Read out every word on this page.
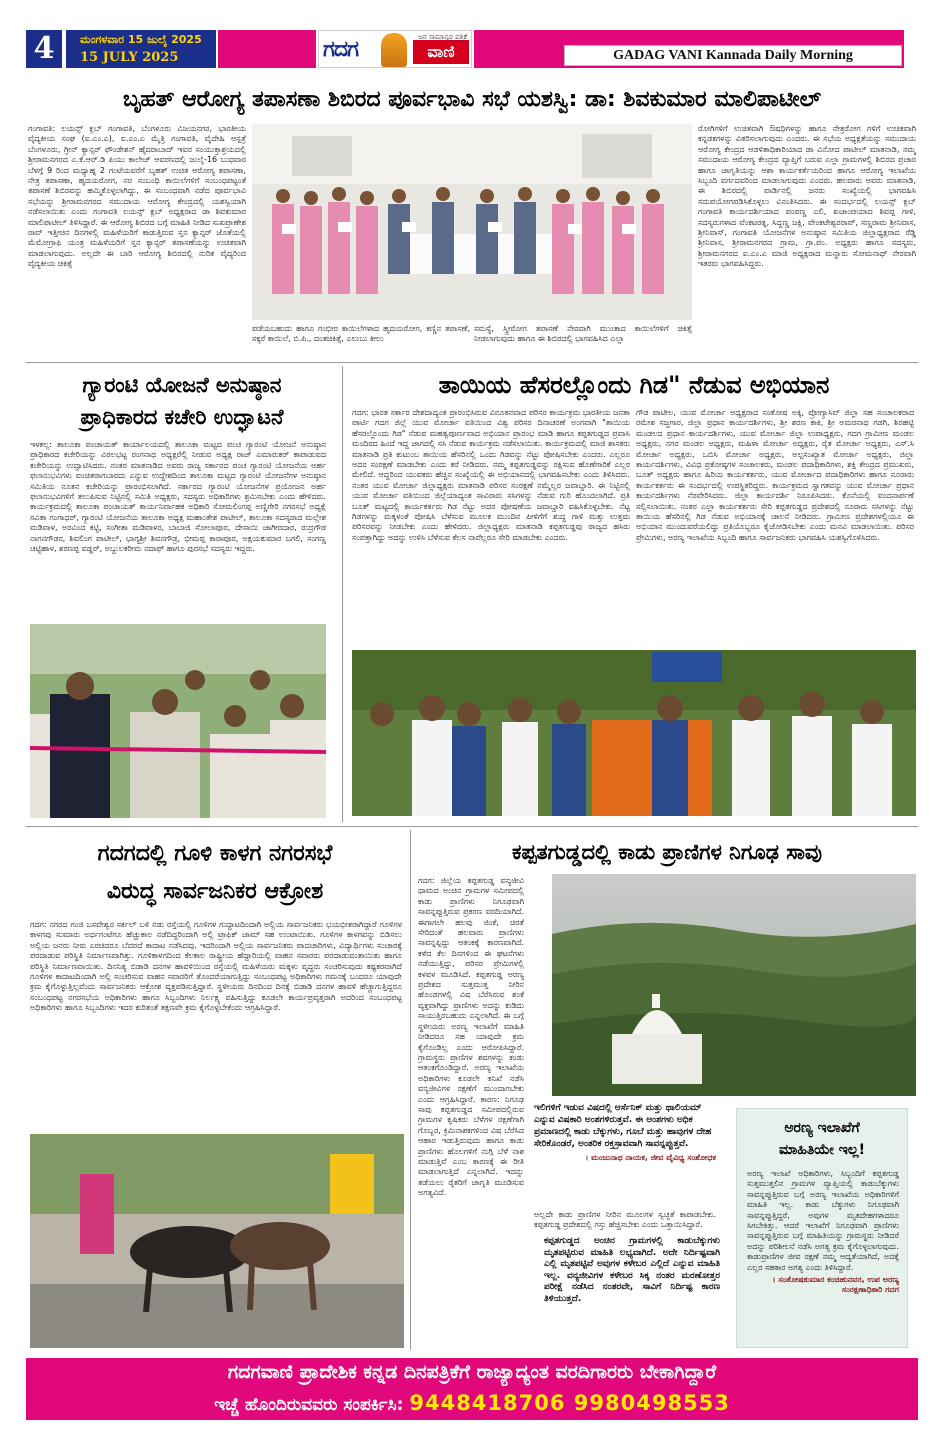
4	ಮಂಗಳವಾರ 15 ಜುಲೈ 2025
15 JULY 2025	ಗದಗ	ವಾಣಿ
ಜನ ಸಾಮಾನ್ಯರ ಪತ್ರಿಕೆ
GADAG VANI Kannada Daily Morning
ಬೃಹತ್ ಆರೋಗ್ಯ ತಪಾಸಣಾ ಶಿಬಿರದ ಪೂರ್ವಭಾವಿ ಸಭೆ ಯಶಸ್ವಿ: ಡಾ: ಶಿವಕುಮಾರ ಮಾಲಿಪಾಟೀಲ್
ಗಂಗಾವತಿ: ಲಯನ್ಸ್ ಕ್ಲಬ್ ಗಂಗಾವತಿ, ಬೆಂಗಳೂರು ವಿಜಯನಗರ, ಭಾರತೀಯ ವೈದ್ಯಕೀಯ ಸಂಘ (ಐ.ಎಂ.ಎ), ಐ.ಎಂ.ಎ ಮೈತ್ರಿ ಗಂಗಾವತಿ, ವೈದೇಹಿ ಆಸ್ಪತ್ರೆ ಬೆಂಗಳೂರು, ಗ್ರೀನ್ ಕ್ಯಾನ್ಸರ್ ಫೌಂಡೇಶನ್ ಹೈದರಾಬಾದ್ ಇವರ ಸಂಯುಕ್ತಾಶ್ರಯದಲ್ಲಿ ಶ್ರೀರಾಮನಗರದ ಎ.ಕೆ.ಆರ್.ಡಿ ಪಿಯು ಕಾಲೇಜ್ ಆವರಣದಲ್ಲಿ ಜುಲೈ-16 ಬುಧವಾರ ಬೆಳಗ್ಗೆ 9 ರಿಂದ ಮಧ್ಯಾಹ್ನ 2 ಗಂಟೆಯವರೆಗೆ ಬೃಹತ್ ಉಚಿತ ಆರೋಗ್ಯ ತಪಾಸಣಾ, ನೇತ್ರ ತಪಾಸಣಾ, ಹೃದಯರೋಗ, ನರ ಸಂಬಂಧಿ ಕಾಯಿಲೆಗಳಿಗೆ ಸಂಬಂಧಪಟ್ಟಂತೆ ತಪಾಸಣೆ ಶಿಬಿರವನ್ನು ಹಮ್ಮಿಕೊಳ್ಳಲಾಗಿದ್ದು, ಈ ಸಂಬಂಧವಾಗಿ ನಡೆದ ಪೂರ್ವಭಾವಿ ಸಭೆಯನ್ನು ಶ್ರೀರಾಮನಗರದ ಸಮುದಾಯ ಆರೋಗ್ಯ ಕೇಂದ್ರದಲ್ಲಿ ಯಶಸ್ವಿಯಾಗಿ ನಡೆಸಲಾಯಿತು ಎಂದು ಗಂಗಾವತಿ ಲಯನ್ಸ್ ಕ್ಲಬ್ ಅಧ್ಯಕ್ಷರಾದ ಡಾ ಶಿವಕುಮಾರ ಮಾಲಿಪಾಟೀಲ್ ತಿಳಿಸಿದ್ದಾರೆ. ಈ ಆರೋಗ್ಯ ಶಿಬಿರದ ಬಗ್ಗೆ ಮಾಹಿತಿ ನೀಡಿದ ಸುಖಪ್ರಾಣೇಶ ರಾವ್ ಇತ್ತೀಚಿನ ದಿನಗಳಲ್ಲಿ ಮಹಿಳೆಯರಿಗೆ ಕಾಡುತ್ತಿರುವ ಸ್ತನ ಕ್ಯಾನ್ಸರ್ ಜೊತೆಯಲ್ಲಿ ಮೆಮೋಗ್ರಾಫಿ ಯಂತ್ರ ಮಹಿಳೆಯರಿಗೆ ಸ್ತನ ಕ್ಯಾನ್ಸರ್ ತಪಾಸಣೆಯನ್ನು ಉಚಿತವಾಗಿ ಮಾಡಲಾಗುವುದು. ಅಲ್ಲದೇ ಈ ಬಾರಿ ಆರೋಗ್ಯ ಶಿಬಿರದಲ್ಲಿ ನುರಿತ ವೈದ್ಯರಿಂದ ವೈದ್ಯಕೀಯ ಚಿಕಿತ್ಸೆ
ಪಡೆಯಬಹುದು ಹಾಗೂ ಗಂಭೀರ ಕಾಯಿಲೆಗಳಾದ ಹೃದಯರೋಗ, ಕಣ್ಣಿನ ತಪಾಸಣೆ, ಸಕ್ಕರೆ ಕಾಯಿಲೆ, ಬಿ.ಪಿ., ದಂತಚಿಕಿತ್ಸೆ, ಎಲುಬು ಕೀಲು
ಸಮಸ್ಯೆ, ಸ್ತ್ರೀರೋಗ ತಪಾಸಣೆ ನೇರವಾಗಿ ಮುಂತಾದ ಕಾಯಿಲೆಗಳಿಗೆ ಚಿಕಿತ್ಸೆ ನೀಡಲಾಗುವುದು ಹಾಗೂ ಈ ಶಿಬಿರದಲ್ಲಿ ಭಾಗವಹಿಸಿದ ಎಲ್ಲಾ
ರೋಗಿಗಳಿಗೆ ಉಚಿತವಾಗಿ ಔಷಧಿಗಳನ್ನು ಹಾಗೂ ನೇತ್ರರೋಗ ಗಳಿಗೆ ಉಚಿತವಾಗಿ ಕನ್ನಡಕಗಳನ್ನು ವಿತರಿಸಲಾಗುವುದು ಎಂದರು. ಈ ಸಭೆಯ ಅಧ್ಯಕ್ಷತೆಯನ್ನು ಸಮುದಾಯ ಆರೋಗ್ಯ ಕೇಂದ್ರದ ಆಡಳಿತಾಧಿಕಾರಿಯಾದ ಡಾ ವಿನೋದ ಪಾಟೀಲ್ ಮಾತನಾಡಿ, ನಮ್ಮ ಸಮುದಾಯ ಆರೋಗ್ಯ ಕೇಂದ್ರದ ವ್ಯಾಪ್ತಿಗೆ ಬರುವ ಎಲ್ಲಾ ಗ್ರಾಮಗಳಲ್ಲಿ ಶಿಬಿರದ ಪ್ರಚಾರ ಹಾಗೂ ಜಾಗೃತಿಯನ್ನು ಆಶಾ ಕಾರ್ಯಕರ್ತೆಯರಿಂದ ಹಾಗೂ ಆರೋಗ್ಯ ಇಲಾಖೆಯ ಸಿಬ್ಬಂದಿ ವರ್ಗದವರಿಂದ ಮಾಡಲಾಗುವುದು ಎಂದರು. ಹಲವಾರು ಅವರು ಮಾತನಾಡಿ, ಈ ಶಿಬಿರದಲ್ಲಿ ವಾರ್ಡಿನಲ್ಲಿ ಜನರು ಸಂಖ್ಯೆಯಲ್ಲಿ ಭಾಗವಹಿಸಿ ಸದುಪಯೋಗಪಡಿಸಿಕೊಳ್ಳಲು ವಿನಂತಿಸಿದರು. ಈ ಸಂದರ್ಭದಲ್ಲಿ ಲಯನ್ಸ್ ಕ್ಲಬ್ ಗಂಗಾವತಿ ಕಾರ್ಯದರ್ಶಿಯಾದ ಪಂಪಣ್ಣ ಎಲಿ, ಖಜಾಂಚಿಯಾದ ಶಿವಪ್ಪ ಗಾಳಿ, ಸದಸ್ಯರುಗಳಾದ ವೆಂಕಟರತ್ನ, ಸಿದ್ದಣ್ಣ ಜಕ್ಲಿ, ವೇಂಕಟೇಶ್ವರರಾವ್, ಸಣ್ಣರಾಮ ಶ್ರೀನಿವಾಸ, ಶ್ರೀನಿವಾಸ್, ಗಂಗಾವತಿ ಯೋಜನೆಗಳ ಅನುಷ್ಠಾನ ಸಮಿತಿಯ ಜಿಲ್ಲಾಧ್ಯಕ್ಷರಾದ ರೆಡ್ಡಿ ಶ್ರೀನಿವಾಸ, ಶ್ರೀರಾಮನಗರದ ಗ್ರಾಮ, ಗ್ರಾ.ಪಂ. ಅಧ್ಯಕ್ಷರು ಹಾಗೂ ಸದಸ್ಯರು, ಶ್ರೀರಾಮನಗರದ ಐ.ಎಂ.ಎ ಮಾಜಿ ಅಧ್ಯಕ್ಷರಾದ ಮನ್ನಾರು ಸೋಮನಾಥ್ ನೇರವಾಗಿ ಇತರರು ಭಾಗವಹಿಸಿದ್ದರು.
ಗ್ಯಾರಂಟಿ ಯೋಜನೆ ಅನುಷ್ಠಾನ
ಪ್ರಾಧಿಕಾರದ ಕಚೇರಿ ಉದ್ಘಾಟನೆ
ಇಳಕಲ್ಲ: ತಾಲೂಕಾ ಪಂಚಾಯತ್ ಕಾರ್ಯಾಲಯದಲ್ಲಿ ತಾಲೂಕಾ ಮಟ್ಟದ ಪಂಚ ಗ್ಯಾರಂಟಿ ಯೋಜನೆ ಅನುಷ್ಠಾನ ಪ್ರಾಧಿಕಾರದ ಕಚೇರಿಯನ್ನು ವಿಠಲಭಟ್ಟ ರಂಗನಾಥ ಅಧ್ಯಕ್ಷರೆಲ್ಲಿ ನೀಡುವ ಅಧ್ಯಕ್ಷ ರಾಜ್ ಎಮಾರುಕರ್ ಕಾಪಾಡುವದ ಕಚೇರಿಯನ್ನು ಉದ್ಘಾಟಿಸಿದರು. ನಂತರ ಮಾತನಾಡಿದ ಅವರು ರಾಜ್ಯ ಸರ್ಕಾರದ ಪಂಚ ಗ್ಯಾರಂಟಿ ಯೋಜನೆಯ ಅರ್ಹ ಫಲಾನುಭವಿಗಳು ವಂಚಿತರಾಗಬಾರದು ಎನ್ನುವ ಉದ್ದೇಶದಿಂದ ತಾಲೂಕಾ ಮಟ್ಟದ ಗ್ಯಾರಂಟಿ ಯೋಜನೆಗಳ ಅನುಷ್ಠಾನ ಸಮಿತಿಯ ನೂತನ ಕಚೇರಿಯನ್ನು ಪ್ರಾರಂಭಿಸಲಾಗಿದೆ. ಸರ್ಕಾರದ ಗ್ಯಾರಂಟಿ ಯೋಜನೆಗಳ ಪ್ರಯೋಜನ ಅರ್ಹ ಫಲಾನುಭವಿಗಳಿಗೆ ತಲುಪಿಸುವ ನಿಟ್ಟಿನಲ್ಲಿ ಸಮಿತಿ ಅಧ್ಯಕ್ಷರು, ಸದಸ್ಯರು ಅಧಿಕಾರಿಗಳು ಶ್ರಮಿಸಬೇಕು ಎಂದು ಹೇಳಿದರು. ಕಾರ್ಯಕ್ರಮದಲ್ಲಿ ತಾಲೂಕಾ ಪಂಚಾಯತ್ ಕಾರ್ಯನಿರ್ವಾಹಕ ಅಧಿಕಾರಿ ಸೋಮಲಿಂಗಪ್ಪ ಅಣ್ಣಿಗೇರಿ ನಗರಸಭೆ ಅಧ್ಯಕ್ಷೆ ಸವಿತಾ ಗಂಗಾಧರ್, ಗ್ಯಾರಂಟಿ ಯೋಜನೆಯ ತಾಲೂಕಾ ಅಧ್ಯಕ್ಷ ಮಹಾಂತೇಶ ಪಾಟೀಲ್, ತಾಲೂಕಾ ಸದಸ್ಯರಾದ ಮಲ್ಲೇಶ ಮಡಿವಾಳ, ಅರವಿಂದ ಕಟ್ಟಿ, ಸಂಗೀತಾ ಮಡಿವಾಳರ, ಬಾಬಾಜಿ ಸೋಲಾಪೂರ, ದೇಸಾಯಿ ಜಾಗೀರದಾರ, ರುದ್ರಗೌಡ ನಾಗನಗೌಡರ, ಶಿವಲಿಂಗ ಪಾಟೀಲ್, ಭಾಗ್ಯಶ್ರೀ ಶಿವನಗೌಡ್ರ, ಭೀಮಪ್ಪ ಕಾರಾಪೂರ, ಅಕ್ಷಯಕುಮಾರ ಬಗಲಿ, ಸಂಗಣ್ಣ ಚಟ್ಟಿಹಾಳ, ಶರಣಪ್ಪ ವಡ್ಡರ್, ಅಬ್ದುಲಕರೀಮ ನದಾಫ್ ಹಾಗೂ ಪುರಸಭೆ ಸದಸ್ಯರು ಇದ್ದರು.
ತಾಯಿಯ ಹೆಸರಲ್ಲೊಂದು ಗಿಡ" ನೆಡುವ ಅಭಿಯಾನ
ಗದಗ: ಭಾರತ ಸರ್ಕಾರ ದೇಶದಾದ್ಯಂತ ಪ್ರಾರಂಭಿಸಿರುವ ವಿನೂತನವಾದ ಪರಿಸರ ಕಾರ್ಯಕ್ರಮ ಭಾರತೀಯ ಜನತಾ ಪಾರ್ಟಿ ಗದಗ ಜಿಲ್ಲೆ ಯುವ ಮೋರ್ಚಾ ವತಿಯಿಂದ ವಿಶ್ವ ಪರಿಸರ ದಿನಾಚರಣೆ ಅಂಗವಾಗಿ "ತಾಯಿಯ ಹೆಸರಲ್ಲೊಂದು ಗಿಡ" ನೆಡುವ ಮಹತ್ವಪೂರ್ಣವಾದ ಅಭಿಯಾನ ಪ್ರಾರಂಭ ಮಾಡಿ ಹಾಗೂ ಕಪ್ಪತಗುಡ್ಡದ ಪ್ರವಾಸಿ ಮಂದಿರದ ಹಿಂದೆ ಇದ್ದ ಜಾಗದಲ್ಲಿ ಸಸಿ ನೆಡುವ ಕಾರ್ಯಕ್ರಮ ನಡೆಸಲಾಯಿತು. ಕಾರ್ಯಕ್ರಮದಲ್ಲಿ ಮಾಜಿ ಶಾಸಕರು ಮಾತನಾಡಿ ಪ್ರತಿ ಕುಟುಂಬ ತಾಯಿಯ ಹೆಸರಿನಲ್ಲಿ ಒಂದು ಗಿಡವನ್ನು ನೆಟ್ಟು ಪೋಷಿಸಬೇಕು ಎಂದರು. ಎಲ್ಲರೂ ಅದರ ಸಂರಕ್ಷಣೆ ಮಾಡಬೇಕು ಎಂದು ಕರೆ ನೀಡಿದರು. ನಮ್ಮ ಕಪ್ಪತಗುಡ್ಡವನ್ನು ರಕ್ಷಿಸುವ ಹೊಣೆಗಾರಿಕೆ ಎಲ್ಲರ ಮೇಲಿದೆ. ಆದ್ದರಿಂದ ಯುವಕರು ಹೆಚ್ಚಿನ ಸಂಖ್ಯೆಯಲ್ಲಿ ಈ ಅಭಿಯಾನದಲ್ಲಿ ಭಾಗವಹಿಸಬೇಕು ಎಂದು ತಿಳಿಸಿದರು. ನಂತರ ಯುವ ಮೋರ್ಚಾ ಜಿಲ್ಲಾಧ್ಯಕ್ಷರು ಮಾತನಾಡಿ ಪರಿಸರ ಸಂರಕ್ಷಣೆ ನಮ್ಮೆಲ್ಲರ ಜವಾಬ್ದಾರಿ. ಈ ನಿಟ್ಟಿನಲ್ಲಿ ಯುವ ಮೋರ್ಚಾ ವತಿಯಿಂದ ಜಿಲ್ಲೆಯಾದ್ಯಂತ ಸಾವಿರಾರು ಸಸಿಗಳನ್ನು ನೆಡುವ ಗುರಿ ಹೊಂದಲಾಗಿದೆ. ಪ್ರತಿ ಬೂತ್ ಮಟ್ಟದಲ್ಲಿ ಕಾರ್ಯಕರ್ತರು ಗಿಡ ನೆಟ್ಟು ಅದರ ಪೋಷಣೆಯ ಜವಾಬ್ದಾರಿ ವಹಿಸಿಕೊಳ್ಳಬೇಕು. ನೆಟ್ಟ ಗಿಡಗಳನ್ನು ಮಕ್ಕಳಂತೆ ಪೋಷಿಸಿ ಬೆಳೆಸುವ ಮೂಲಕ ಮುಂದಿನ ಪೀಳಿಗೆಗೆ ಶುದ್ಧ ಗಾಳಿ ಮತ್ತು ಉತ್ತಮ ಪರಿಸರವನ್ನು ನೀಡಬೇಕು ಎಂದು ಹೇಳಿದರು. ಜಿಲ್ಲಾಧ್ಯಕ್ಷರು ಮಾತನಾಡಿ ಕಪ್ಪತಗುಡ್ಡವು ರಾಜ್ಯದ ಹಸಿರು ಸಂಪತ್ತಾಗಿದ್ದು ಅದನ್ನು ಉಳಿಸಿ ಬೆಳೆಸುವ ಕೆಲಸ ನಾವೆಲ್ಲರೂ ಸೇರಿ ಮಾಡಬೇಕು ಎಂದರು.
ಗೌಡ ಪಾಟೀಲ, ಯುವ ಮೋರ್ಚಾ ಅಧ್ಯಕ್ಷರಾದ ಸಂತೋಷ ಅಕ್ಕಿ, ಪ್ರೋಗ್ಯಾಸಿವ್ ಜಿಲ್ಲಾ ಸಹ ಸಂಚಾಲಕರಾದ ರಮೇಶ ಸಜ್ಜಗಾರ, ಜಿಲ್ಲಾ ಪ್ರಧಾನ ಕಾರ್ಯದರ್ಶಿಗಳು, ಶ್ರೀ ಶರಣ ಕಾಕಿ, ಶ್ರೀ ಅಮರನಾಥ ಗಡಗಿ, ಶಿರಹಟ್ಟಿ ಮಂಡಲದ ಪ್ರಧಾನ ಕಾರ್ಯದರ್ಶಿಗಳು, ಯುವ ಮೋರ್ಚಾ ಜಿಲ್ಲಾ ಉಪಾಧ್ಯಕ್ಷರು, ಗದಗ ಗ್ರಾಮೀಣ ಮಂಡಲ ಅಧ್ಯಕ್ಷರು, ನಗರ ಮಂಡಲ ಅಧ್ಯಕ್ಷರು, ಮಹಿಳಾ ಮೋರ್ಚಾ ಅಧ್ಯಕ್ಷರು, ರೈತ ಮೋರ್ಚಾ ಅಧ್ಯಕ್ಷರು, ಎಸ್.ಸಿ ಮೋರ್ಚಾ ಅಧ್ಯಕ್ಷರು, ಒಬಿಸಿ ಮೋರ್ಚಾ ಅಧ್ಯಕ್ಷರು, ಅಲ್ಪಸಂಖ್ಯಾತ ಮೋರ್ಚಾ ಅಧ್ಯಕ್ಷರು, ಜಿಲ್ಲಾ ಕಾರ್ಯದರ್ಶಿಗಳು, ವಿವಿಧ ಪ್ರಕೋಷ್ಠಗಳ ಸಂಚಾಲಕರು, ಮಂಡಲ ಪದಾಧಿಕಾರಿಗಳು, ಶಕ್ತಿ ಕೇಂದ್ರದ ಪ್ರಮುಖರು, ಬೂತ್ ಅಧ್ಯಕ್ಷರು ಹಾಗೂ ಹಿರಿಯ ಕಾರ್ಯಕರ್ತರು, ಯುವ ಮೋರ್ಚಾದ ಪದಾಧಿಕಾರಿಗಳು ಹಾಗೂ ನೂರಾರು ಕಾರ್ಯಕರ್ತರು ಈ ಸಂದರ್ಭದಲ್ಲಿ ಉಪಸ್ಥಿತರಿದ್ದರು. ಕಾರ್ಯಕ್ರಮದ ಸ್ವಾಗತವನ್ನು ಯುವ ಮೋರ್ಚಾ ಪ್ರಧಾನ ಕಾರ್ಯದರ್ಶಿಗಳು ನೆರವೇರಿಸಿದರು. ಜಿಲ್ಲಾ ಕಾರ್ಯದರ್ಶಿ ನಿರೂಪಿಸಿದರು. ಕೊನೆಯಲ್ಲಿ ವಂದನಾರ್ಪಣೆ ಸಲ್ಲಿಸಲಾಯಿತು. ನಂತರ ಎಲ್ಲಾ ಕಾರ್ಯಕರ್ತರು ಸೇರಿ ಕಪ್ಪತಗುಡ್ಡದ ಪ್ರದೇಶದಲ್ಲಿ ನೂರಾರು ಸಸಿಗಳನ್ನು ನೆಟ್ಟು ತಾಯಿಯ ಹೆಸರಿನಲ್ಲಿ ಗಿಡ ನೆಡುವ ಅಭಿಯಾನಕ್ಕೆ ಚಾಲನೆ ನೀಡಿದರು. ಗ್ರಾಮೀಣ ಪ್ರದೇಶಗಳಲ್ಲಿಯೂ ಈ ಅಭಿಯಾನ ಮುಂದುವರೆಯಲಿದ್ದು ಪ್ರತಿಯೊಬ್ಬರೂ ಕೈಜೋಡಿಸಬೇಕು ಎಂದು ಮನವಿ ಮಾಡಲಾಯಿತು. ಪರಿಸರ ಪ್ರೇಮಿಗಳು, ಅರಣ್ಯ ಇಲಾಖೆಯ ಸಿಬ್ಬಂದಿ ಹಾಗೂ ಸಾರ್ವಜನಿಕರು ಭಾಗವಹಿಸಿ ಯಶಸ್ವಿಗೊಳಿಸಿದರು.
ಗದಗದಲ್ಲಿ ಗೂಳಿ ಕಾಳಗ ನಗರಸಭೆ
ವಿರುದ್ಧ ಸಾರ್ವಜನಿಕರ ಆಕ್ರೋಶ
ಗದಗ: ನಗರದ ಗಂಜಿ ಬಸವೇಶ್ವರ ಸರ್ಕಲ್ ಬಳಿ ನಡು ರಸ್ತೆಯಲ್ಲಿ ಗೂಳಿಗಳ ಗುದ್ದಾಟದಿಂದಾಗಿ ಅಲ್ಲಿಯ ಸಾರ್ವಜನಿಕರು ಭಯಭೀತರಾಗಿದ್ದಾರೆ ಗೂಳಿಗಳ ಕಾಳಗವು ಸುಮಾರು ಅರ್ಧಗಂಟೆಗೂ ಹೆಚ್ಚುಕಾಲ ನಡೆದಿದ್ದರಿಂದಾಗಿ ಅಲ್ಲಿ ಟ್ರಾಫಿಕ್ ಜಾಮ್ ಸಹ ಉಂಟಾಯಿತು. ಗೂಳಿಗಳ ಕಾಳಗವನ್ನು ಬಿಡಿಸಲು ಅಲ್ಲಿಯ ಜನರು ನೀರು ಎರಚಿದರೂ ಬೆದರದೆ ಕಾದಾಟ ನಡೆಸಿದವು. ಇದರಿಂದಾಗಿ ಅಲ್ಲಿಯ ಸಾರ್ವಜನಿಕರು ಪಾದಚಾರಿಗಳು, ವಿದ್ಯಾರ್ಥಿಗಳು ಸಂಚಾರಕ್ಕೆ ಪರದಾಡುವ ಪರಿಸ್ಥಿತಿ ನಿರ್ಮಾಣವಾಗಿತ್ತು. ಗೂಳಿಕಾಳಗದಿಂದ ಕೆಲಕಾಲ ರಾಷ್ಟ್ರೀಯ ಹೆದ್ದಾರಿಯಲ್ಲಿ ವಾಹನ ಸವಾರರು ಪರದಾಡುವಂತಾಯಿತು ಹಾಗೂ ಪರಿಸ್ಥಿತಿ ನಿರ್ಮಾಣವಾಯಿತು. ದಿನನಿತ್ಯ ಬಿಡಾಡಿ ದನಗಳ ಹಾವಳಿಯಿಂದ ರಸ್ತೆಯಲ್ಲಿ ಮಹಿಳೆಯರು ಮಕ್ಕಳು ವೃದ್ಧರು ಸಂಚರಿಸುವುದು ಕಷ್ಟಕರವಾಗಿದೆ ಗೂಳಿಗಳ ಕಾದಾಟದಿಂದಾಗಿ ಅಲ್ಲಿ ಸಂಚರಿಸುವ ವಾಹನ ಸವಾರರಿಗೆ ತೊಂದರೆಯಾಗುತ್ತಿದ್ದು ಸಂಬಂಧಪಟ್ಟ ಅಧಿಕಾರಿಗಳು ಗಮನಕ್ಕೆ ಬಂದರೂ ಯಾವುದೇ ಕ್ರಮ ಕೈಗೊಳ್ಳುತ್ತಿಲ್ಲವೆಂದು ಸಾರ್ವಜನಿಕರು ಆಕ್ರೋಶ ವ್ಯಕ್ತಪಡಿಸುತ್ತಿದ್ದಾರೆ. ಸ್ಥಳೀಯರು ದಿನದಿಂದ ದಿನಕ್ಕೆ ಬಿಡಾಡಿ ದನಗಳ ಹಾವಳಿ ಹೆಚ್ಚಾಗುತ್ತಿದ್ದರೂ ಸಂಬಂಧಪಟ್ಟ ನಗರಸಭೆಯ ಅಧಿಕಾರಿಗಳು ಹಾಗೂ ಸಿಬ್ಬಂದಿಗಳು ನಿರ್ಲಕ್ಷ್ಯ ವಹಿಸುತ್ತಿದ್ದು ಕೂಡಲೇ ಕಾರ್ಯಪ್ರವೃತ್ತರಾಗಿ ಅದರಿಂದ ಸಂಬಂಧಪಟ್ಟ ಅಧಿಕಾರಿಗಳು ಹಾಗೂ ಸಿಬ್ಬಂದಿಗಳು ಇದರ ಕುರಿತಂತೆ ತಕ್ಷಣವೇ ಕ್ರಮ ಕೈಗೊಳ್ಳಬೇಕೆಂದು ಆಗ್ರಹಿಸಿದ್ದಾರೆ.
ಕಪ್ಪತಗುಡ್ಡದಲ್ಲಿ ಕಾಡು ಪ್ರಾಣಿಗಳ ನಿಗೂಢ ಸಾವು
ಗದಗ: ಜಿಲ್ಲೆಯ ಕಪ್ಪತಗುಡ್ಡ ವನ್ಯಜೀವಿ ಧಾಮದ ಅಂಚಿನ ಗ್ರಾಮಗಳ ಸಮೀಪದಲ್ಲಿ ಕಾಡು ಪ್ರಾಣಿಗಳು ನಿಗೂಢವಾಗಿ ಸಾವನ್ನಪ್ಪುತ್ತಿರುವ ಪ್ರಕರಣ ವರದಿಯಾಗಿದೆ. ಈಗಾಗಲೇ ಹಲವು ಜಿಂಕೆ, ಚಿರತೆ ಸೇರಿದಂತೆ ಹಲವಾರು ಪ್ರಾಣಿಗಳು ಸಾವನ್ನಪ್ಪಿದ್ದು ಆತಂಕಕ್ಕೆ ಕಾರಣವಾಗಿದೆ. ಕಳೆದ ಕೆಲ ದಿನಗಳಿಂದ ಈ ಘಟನೆಗಳು ನಡೆಯುತ್ತಿದ್ದು, ಪರಿಸರ ಪ್ರೇಮಿಗಳಲ್ಲಿ ಕಳವಳ ಮೂಡಿಸಿದೆ. ಕಪ್ಪತಗುಡ್ಡ ಅರಣ್ಯ ಪ್ರದೇಶದ ಸುತ್ತಮುತ್ತ ನೀರಿನ ಹೊಂಡಗಳಲ್ಲಿ ವಿಷ ಬೆರೆಸಿರುವ ಶಂಕೆ ವ್ಯಕ್ತವಾಗಿದ್ದು ಪ್ರಾಣಿಗಳು ಅದನ್ನು ಕುಡಿದು ಸಾಯುತ್ತಿರಬಹುದು ಎನ್ನಲಾಗಿದೆ. ಈ ಬಗ್ಗೆ ಸ್ಥಳೀಯರು ಅರಣ್ಯ ಇಲಾಖೆಗೆ ಮಾಹಿತಿ ನೀಡಿದರೂ ಸಹ ಯಾವುದೇ ಕ್ರಮ ಕೈಗೊಂಡಿಲ್ಲ ಎಂದು ಆರೋಪಿಸಿದ್ದಾರೆ. ಗ್ರಾಮಸ್ಥರು ಪ್ರಾಣಿಗಳ ಶವಗಳನ್ನು ಕಂಡು ಆತಂಕಗೊಂಡಿದ್ದಾರೆ. ಅರಣ್ಯ ಇಲಾಖೆಯ ಅಧಿಕಾರಿಗಳು ಕೂಡಲೇ ತನಿಖೆ ನಡೆಸಿ ವನ್ಯಜೀವಿಗಳ ರಕ್ಷಣೆಗೆ ಮುಂದಾಗಬೇಕು ಎಂದು ಆಗ್ರಹಿಸಿದ್ದಾರೆ. ಕಾರಣ: ನಿಗೂಢ ಸಾವು ಕಪ್ಪತಗುಡ್ಡದ ಸಮೀಪದಲ್ಲಿರುವ ಗ್ರಾಮಗಳ ಕೃಷಿಕರು ಬೆಳೆಗಳ ರಕ್ಷಣೆಗಾಗಿ ಗೊಬ್ಬರ, ಕ್ರಿಮಿನಾಶಕಗಳಿಂದ ವಿಷ ಬೆರೆಸಿದ ಆಹಾರ ಇಡುತ್ತಿರುವುದು ಹಾಗೂ ಕಾಡು ಪ್ರಾಣಿಗಳು ಹೊಲಗಳಿಗೆ ನುಗ್ಗಿ ಬೆಳೆ ನಾಶ ಮಾಡುತ್ತಿವೆ ಎಂಬ ಕಾರಣಕ್ಕೆ ಈ ರೀತಿ ಮಾಡಲಾಗುತ್ತಿದೆ ಎನ್ನಲಾಗಿದೆ. ಇದನ್ನು ತಡೆಯಲು ರೈತರಿಗೆ ಜಾಗೃತಿ ಮೂಡಿಸುವ ಅಗತ್ಯವಿದೆ.
ಅಲ್ಲದೇ ಕಾಡು ಪ್ರಾಣಿಗಳ ನೀರಿನ ಮೂಲಗಳ ಸ್ವಚ್ಛತೆ ಕಾಪಾಡಬೇಕು. ಕಪ್ಪತಗುಡ್ಡ ಪ್ರದೇಶದಲ್ಲಿ ಗಸ್ತು ಹೆಚ್ಚಿಸಬೇಕು ಎಂದು ಒತ್ತಾಯಿಸಿದ್ದಾರೆ.
ಇಲಿಗಳಿಗೆ ಇಡುವ ವಿಷದಲ್ಲಿ ಆರ್ಸೆನಿಕ್ ಮತ್ತು ಥಾಲಿಯಮ್ ಎನ್ನುವ ವಿಷಕಾರಿ ಅಂಶಗಳಿರುತ್ತವೆ. ಈ ಅಂಶಗಳು ಅಧಿಕ ಪ್ರಮಾಣದಲ್ಲಿ ಕಾಡು ಬೆಕ್ಕುಗಳು, ಗೂಬೆ ಮತ್ತು ಹಾವುಗಳ ದೇಹ ಸೇರಿಕೊಂಡರೆ, ಅಂತರಿಕ ರಕ್ತಸ್ರಾವವಾಗಿ ಸಾವನ್ನಪ್ಪುತ್ತವೆ.
। ಮಂಜುನಾಥ ನಾಯಕ, ಜೀವ ವೈವಿಧ್ಯ ಸಂಶೋಧಕ
ಕಪ್ಪತಗುಡ್ಡದ ಅಂಚಿನ ಗ್ರಾಮಗಳಲ್ಲಿ ಕಾಡುಬೆಕ್ಕುಗಳು ಮೃತಪಟ್ಟಿರುವ ಮಾಹಿತಿ ಲಭ್ಯವಾಗಿದೆ. ಅದೇ ನಿರ್ದಿಷ್ಟವಾಗಿ ಎಲ್ಲಿ ಮೃತಪಟ್ಟಿವೆ ಅವುಗಳ ಕಳೇಬರ ಎಲ್ಲಿದೆ ಎನ್ನುವ ಮಾಹಿತಿ ಇಲ್ಲ. ವನ್ಯಜೀವಿಗಳ ಕಳೇಬರ ಸಿಕ್ಕ ನಂತರ ಮರಣೋತ್ತರ ಪರೀಕ್ಷೆ ನಡೆಸಿದ ನಂತರವೇ, ಸಾವಿಗೆ ನಿರ್ದಿಷ್ಟ ಕಾರಣ ತಿಳಿಯುತ್ತದೆ.
ಅರಣ್ಯ ಇಲಾಖೆಗೆ
ಮಾಹಿತಿಯೇ ಇಲ್ಲ!
ಅರಣ್ಯ ಇಲಾಖೆ ಅಧಿಕಾರಿಗಳು, ಸಿಬ್ಬಂದಿಗೆ ಕಪ್ಪತಗುಡ್ಡ ಸುತ್ತಮುತ್ತಲಿನ ಗ್ರಾಮಗಳ ವ್ಯಾಪ್ತಿಯಲ್ಲಿ ಕಾಡುಬೆಕ್ಕುಗಳು ಸಾವನ್ನಪ್ಪುತ್ತಿರುವ ಬಗ್ಗೆ ಅರಣ್ಯ ಇಲಾಖೆಯ ಅಧಿಕಾರಿಗಳಿಗೆ ಮಾಹಿತಿ ಇಲ್ಲ. ಕಾಡು ಬೆಕ್ಕುಗಳು ನಿಗೂಢವಾಗಿ ಸಾವನ್ನಪ್ಪುತ್ತಿದ್ದರೆ, ಅವುಗಳ ಮೃತದೇಹಗಳಾದರೂ ಸಿಗಬೇಕಿತ್ತು. ಆದರೆ ಇಲಾಖೆಗೆ ನಿಗೂಢವಾಗಿ ಪ್ರಾಣಿಗಳು ಸಾವನ್ನಪ್ಪುತ್ತಿರುವ ಬಗ್ಗೆ ಮಾಹಿತಿಯನ್ನು ಗ್ರಾಮಸ್ಥರು ನೀಡಿದರೆ ಅದನ್ನು ಪರಿಶೀಲನೆ ನಡೆಸಿ ಅಗತ್ಯ ಕ್ರಮ ಕೈಗೊಳ್ಳಲಾಗುವುದು. ಕಾಡುಪ್ರಾಣಿಗಳ ಜೀವ ರಕ್ಷಣೆ ನಮ್ಮ ಆದ್ಯತೆಯಾಗಿದೆ, ಅದಕ್ಕೆ ಎಲ್ಲರ ಸಹಕಾರ ಅಗತ್ಯ ಎಂದು ತಿಳಿಸಿದ್ದಾರೆ.
। ಸಂತೋಷಕುಮಾರ ಕಂಚಿಹುನವರ, ಉಪ ಅರಣ್ಯ ಸಂರಕ್ಷಣಾಧಿಕಾರಿ ಗದಗ
ಗದಗವಾಣಿ ಪ್ರಾದೇಶಿಕ ಕನ್ನಡ ದಿನಪತ್ರಿಕೆಗೆ ರಾಜ್ಯಾದ್ಯಂತ ವರದಿಗಾರರು ಬೇಕಾಗಿದ್ದಾರೆ
ಇಚ್ಚೆ ಹೊಂದಿರುವವರು ಸಂಪರ್ಕಿಸಿ: 9448418706 9980498553
